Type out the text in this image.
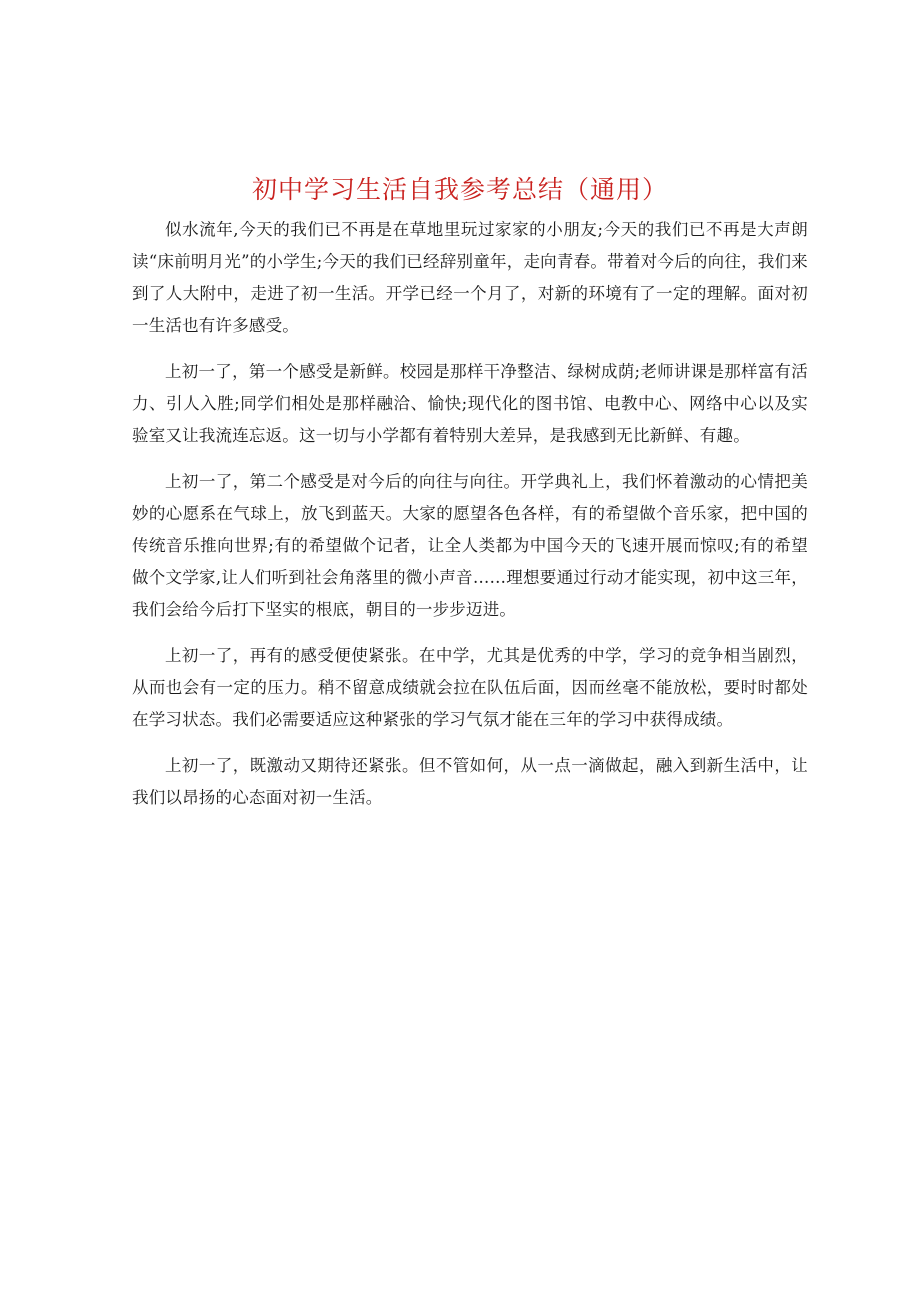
初中学习生活自我参考总结（通用）

似水流年,今天的我们已不再是在草地里玩过家家的小朋友;今天的我们已不再是大声朗读“床前明月光”的小学生;今天的我们已经辞别童年，走向青春。带着对今后的向往，我们来到了人大附中，走进了初一生活。开学已经一个月了，对新的环境有了一定的理解。面对初一生活也有许多感受。

上初一了，第一个感受是新鲜。校园是那样干净整洁、绿树成荫;老师讲课是那样富有活力、引人入胜;同学们相处是那样融洽、愉快;现代化的图书馆、电教中心、网络中心以及实验室又让我流连忘返。这一切与小学都有着特别大差异，是我感到无比新鲜、有趣。

上初一了，第二个感受是对今后的向往与向往。开学典礼上，我们怀着激动的心情把美妙的心愿系在气球上，放飞到蓝天。大家的愿望各色各样，有的希望做个音乐家，把中国的传统音乐推向世界;有的希望做个记者，让全人类都为中国今天的飞速开展而惊叹;有的希望做个文学家,让人们听到社会角落里的微小声音……理想要通过行动才能实现，初中这三年，我们会给今后打下坚实的根底，朝目的一步步迈进。

上初一了，再有的感受便使紧张。在中学，尤其是优秀的中学，学习的竞争相当剧烈，从而也会有一定的压力。稍不留意成绩就会拉在队伍后面，因而丝毫不能放松，要时时都处在学习状态。我们必需要适应这种紧张的学习气氛才能在三年的学习中获得成绩。

上初一了，既激动又期待还紧张。但不管如何，从一点一滴做起，融入到新生活中，让我们以昂扬的心态面对初一生活。
